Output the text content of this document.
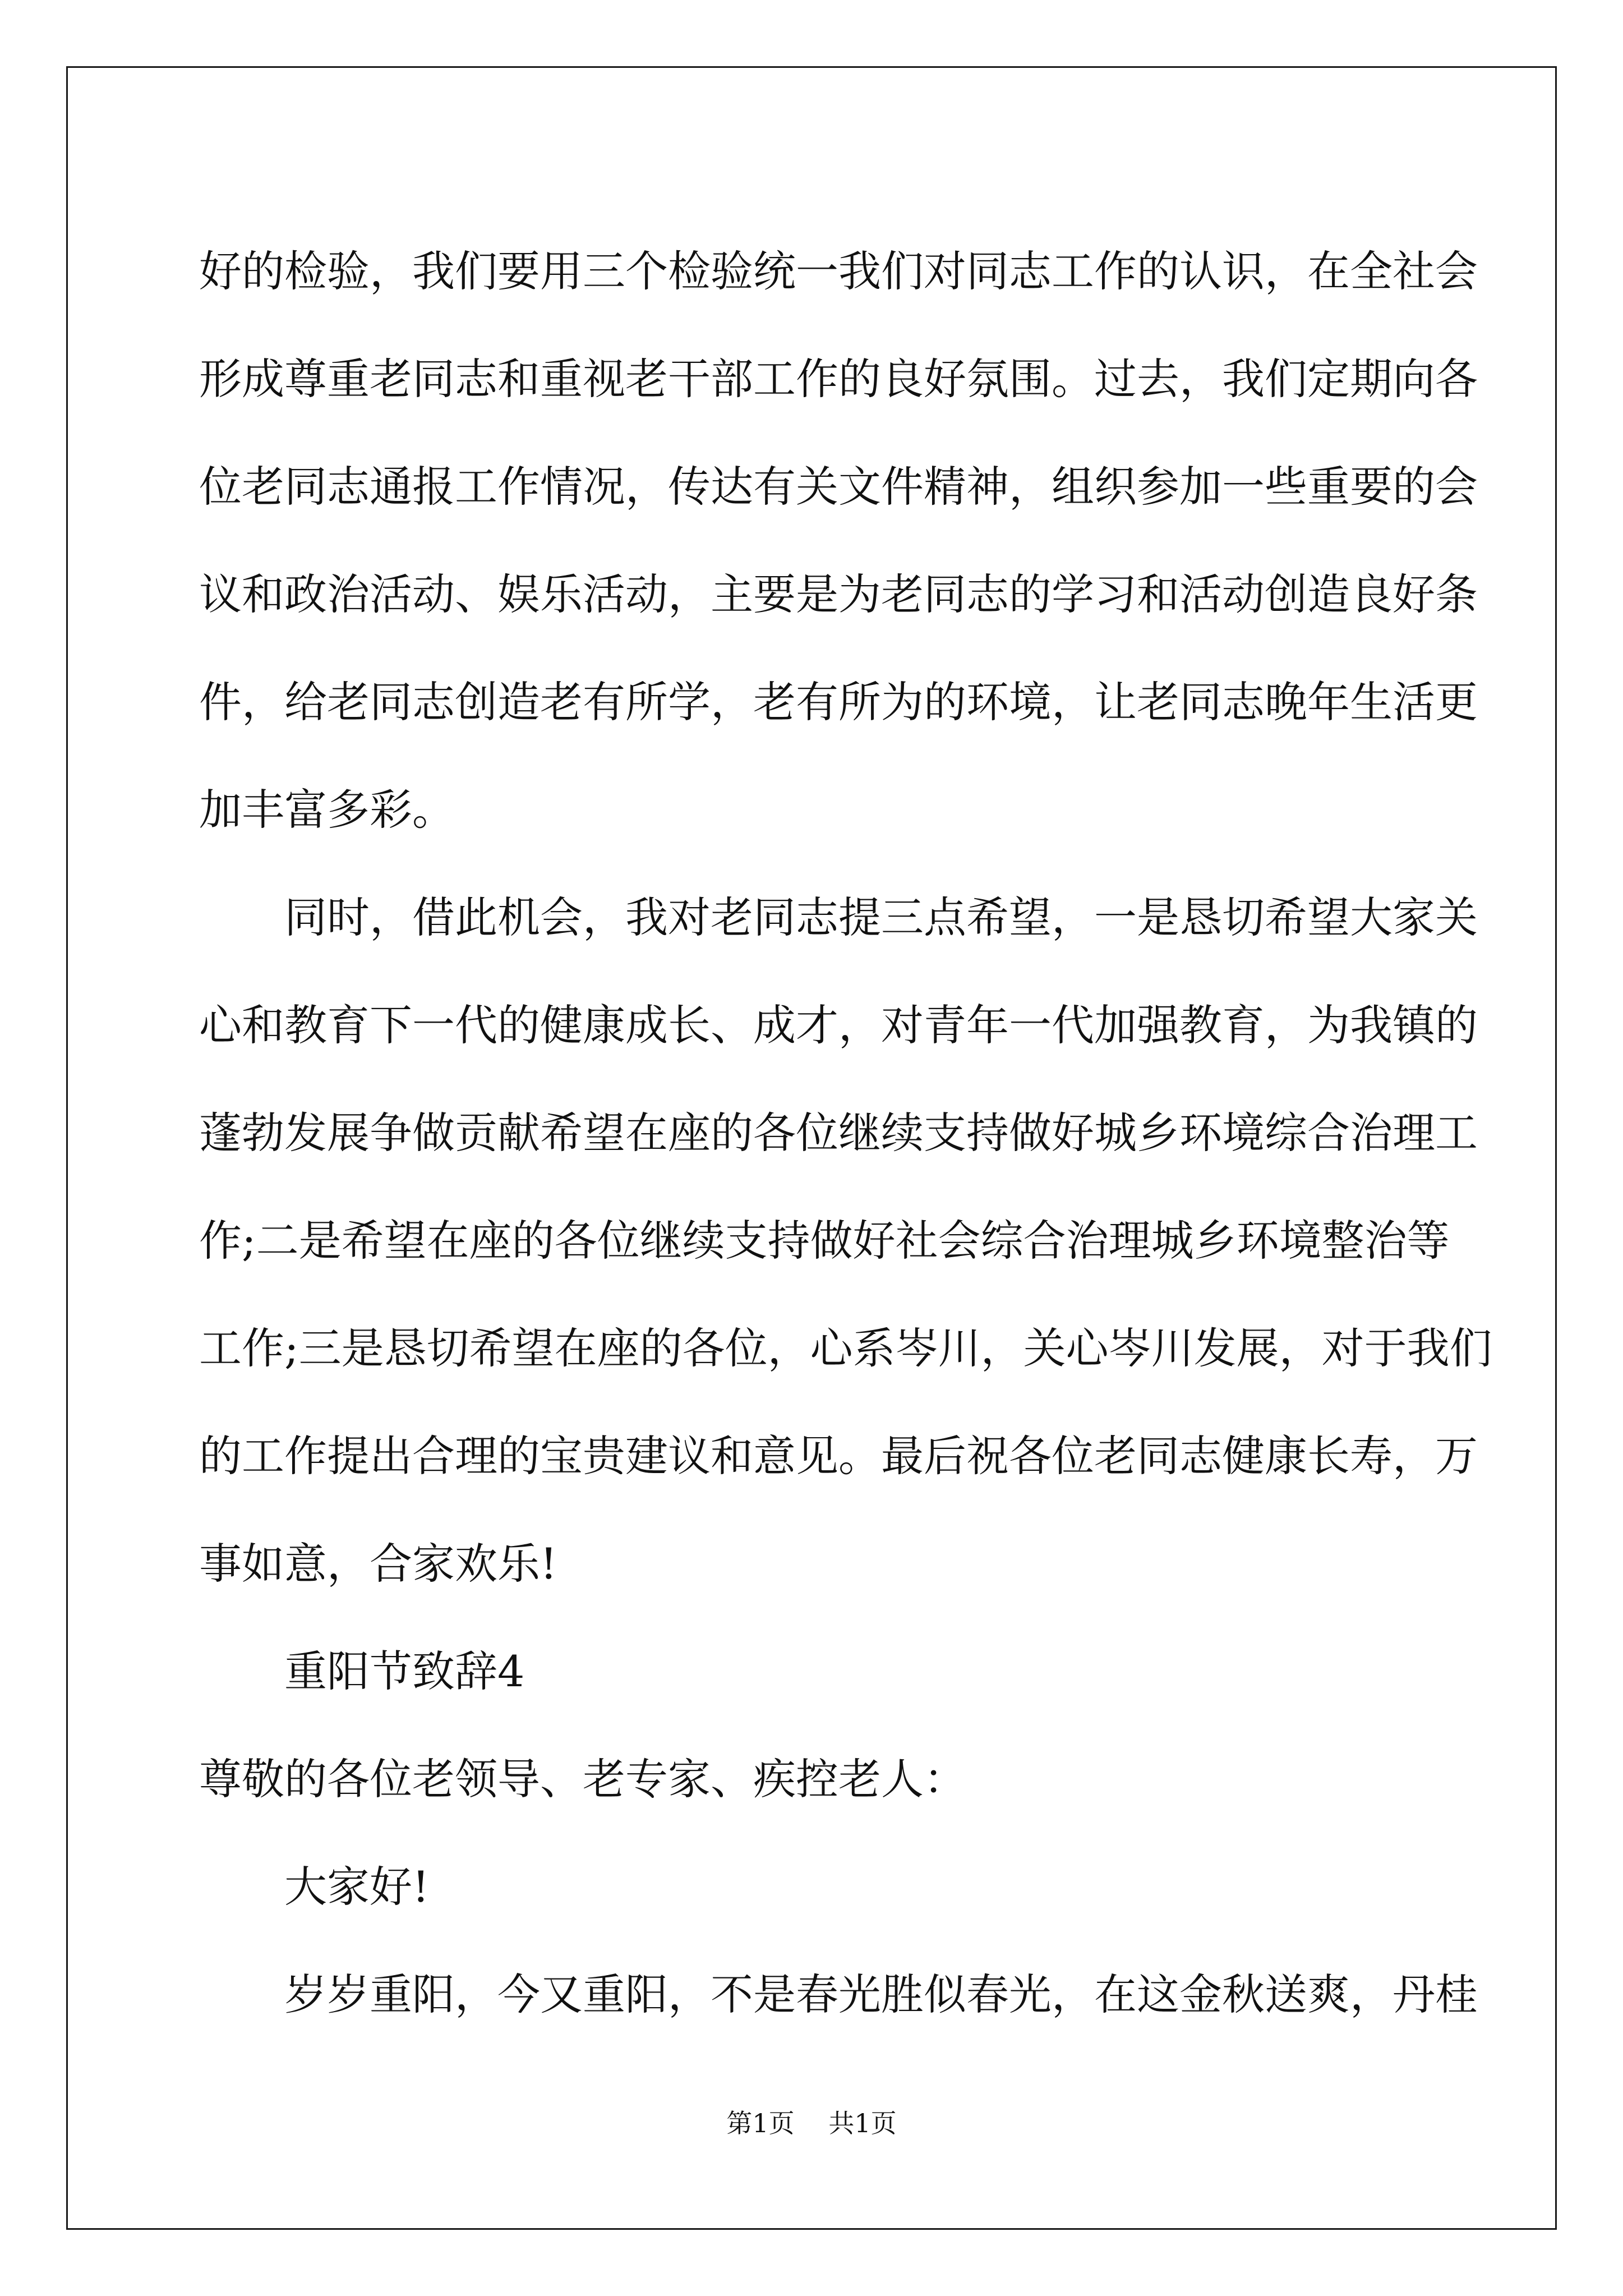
好的检验，我们要用三个检验统一我们对同志工作的认识，在全社会
形成尊重老同志和重视老干部工作的良好氛围。过去，我们定期向各
位老同志通报工作情况，传达有关文件精神，组织参加一些重要的会
议和政治活动、娱乐活动，主要是为老同志的学习和活动创造良好条
件，给老同志创造老有所学，老有所为的环境，让老同志晚年生活更
加丰富多彩。
同时，借此机会，我对老同志提三点希望，一是恳切希望大家关
心和教育下一代的健康成长、成才，对青年一代加强教育，为我镇的
蓬勃发展争做贡献希望在座的各位继续支持做好城乡环境综合治理工
作;二是希望在座的各位继续支持做好社会综合治理城乡环境整治等
工作;三是恳切希望在座的各位，心系岑川，关心岑川发展，对于我们
的工作提出合理的宝贵建议和意见。最后祝各位老同志健康长寿，万
事如意，合家欢乐!
重阳节致辞4
尊敬的各位老领导、老专家、疾控老人：
大家好!
岁岁重阳，今又重阳，不是春光胜似春光，在这金秋送爽，丹桂
第1页 共1页
